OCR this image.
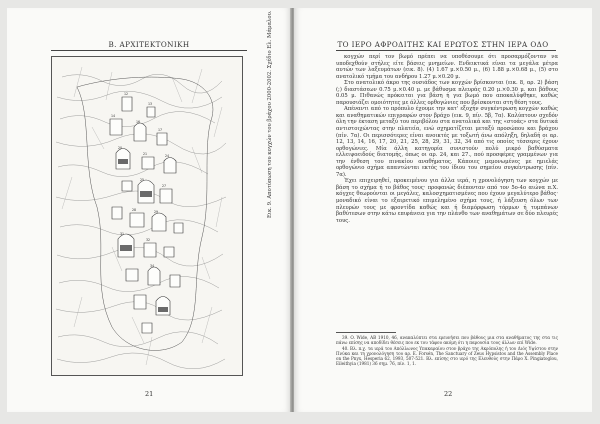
Β. ΑΡΧΙΤΕΚΤΟΝΙΚΗ
12
13
14
16
17
20
21	24
25
27
28	29
31
32
34
Εικ. 9. Αποτύπωση του κογχών του βράχου 2000-2002. Σχέδιο Ελ. Μάμαλου.
21
ΤΟ ΙΕΡΟ ΑΦΡΟΔΙΤΗΣ ΚΑΙ ΕΡΩΤΟΣ ΣΤΗΝ ΙΕΡΑ ΟΔΟ

κογχών περί τον βωμό πρέπει να υποθέσουμε ότι προσαρμόζονταν να υποδεχθούν στήλες είτε βάσεις μνημείων. Ενδεικτικά είναι τα μεγάλα μέτρα αυτών των λαξευμάτων (εικ. 8). (4) 1.67 μ.×0.50 μ., (6) 1.88 μ.×0.68 μ., (5) στο ανατολικό τμήμα του ανδήρου 1.27 μ.×0.20 μ.

Στο ανατολικό άκρο της ουσιάδος των κογχών βρίσκονται (εικ. 8, αρ. 2) βάση (;) διαστάσεων 0.75 μ.×0.40 μ. με βάθυσμα πλευράς 0.20 μ.×0.30 μ. και βάθους 0.05 μ. Πιθανώς πρόκειται για βάση ή για βωμό που αποκαλύφθηκε, καθώς παρουσιάζει ομοιότητες με άλλες ορθογώνιες που βρίσκονται στη θέση τους.

Απέναντι από το πρόπυλο έχουμε την κατ' εξοχήν συγκέντρωση κογχών καθώς και αναθηματικών επιγραφών στον βράχο (εικ. 9, πίν. 5β, 7α). Καλύπτουν σχεδόν όλη την έκταση μεταξύ του περιβόλου στα ανατολικά και της «στοάς» στα δυτικά αντιστοιχώντας στην πλατεία, ενώ σχηματίζεται μεταξύ προσώπου και βράχου (πίν. 7α). Οι περισσότερες είναι ανοικτές με τοξωτή άνω απόληξη, δηλαδή οι αρ. 12, 13, 14, 16, 17, 20, 21, 25, 28, 29, 31, 32, 34 από τις οποίες τέσσερις έχουν ορθογώνιες. Μία άλλη κατηγορία συνιστούν πολύ μικρό βαθύσματα ελλειψοειδούς διατομής, όπως οι αρ. 24, και 27., πού προσφέρες γραμμένων για την ένθεση του πινακίου αναθήματος. Κάποιες μεμονωμένες με ημιελάς ορθογώνιο σχήμα απαντώνται εκτός του ίδιου του σημείου συγκέντρωσης (πίν. 7α).

Έχει επιχειρηθεί, προκειμένου για άλλα ιερά, η χρονολόγηση των κογχών με βάση το σχήμα ή το βάθος τους· προφανώς διέπονταν από τον 5ο-4ο αιώνα π.Χ. κόγχες θεωρούνται οι μεγάλες, καλοσχηματισμένες που έχουν μεγαλύτερο βάθος· μοναδικό είναι το εξαιρετικό επιμελημένο σχήμα τους, ή λάξευση όλων των πλευρών τους με φροντίδα καθώς και ή διαμόρφωση τόρμων ή τυμπάνων βαθύτεσων στην κάτω επιφάνεια για την πλάνθο των αναθημάτων σε δύο πλευρές τους.

39. O. Wide, AB 1910, 46, ανακαλύπτει στα ερευνήσει που βάθους μια στα αναθήματος της στα τις πάνω επίσης να αποδίδει θέσεις που εκ του τάφου ακόμη ότι η παρουσία τους άλλων επί Wide.

40. Βλ. π.χ. τα ιερά του Απόλλωνος Υπακαραίου στον βράχο της Ακρόπολης ή του Διός Υψίστου στην Πνύκα και τη χρονολόγηση του αρ. Ε. Forsén, The Sanctuary of Zeus Hypsistos and the Assembly Place on the Pnyx, Hesperia 62, 1993, 507-521. Βλ. επίσης στο ιερό της Ελευθούς στην Πάρο Χ. Pingiatoglou, Eileithyia (1981) 36 σημ. 76, πίν. 1, 1.

22
